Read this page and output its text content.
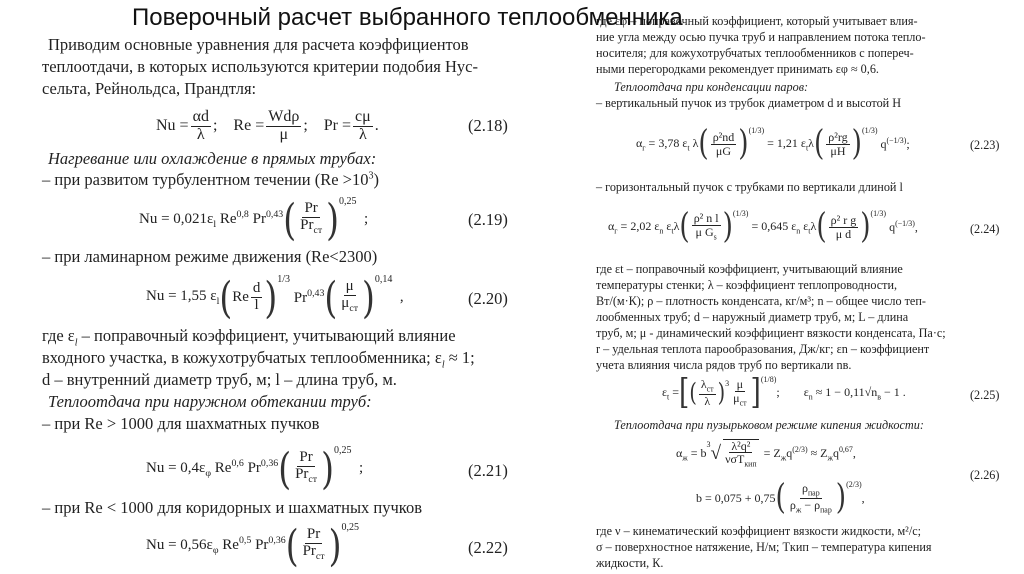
Поверочный расчет выбранного теплообменника
Приводим основные уравнения для расчета коэффициентов
теплоотдачи, в которых используются критерии подобия Нус-
сельта, Рейнольдса, Прандтля:
$Nu = \frac{\alpha d}{\lambda}$ ;    $Re = \frac{\text{Wdρ}}{\mu}$ ;    $Pr = \frac{c\mu}{\lambda}$ .	(2.18)
Нагревание или охлаждение в прямых трубах:
– при развитом турбулентном течении $(Re >10^3)$
$Nu = 0,021\varepsilon_l$ Re$^{0,8}$ Pr$^{0,43}$ ( $\frac{Pr}{Pr_{ст}}$ ) 0,25
;	(2.19)
– при ламинарном режиме движения (Re<2300)
Nu = 1,55 $\varepsilon_l$ ( Re $\frac{d}{l}$ ) 1/3
Pr$^{0,43}$ ( $\frac{\mu}{\mu_{ст}}$ ) 0,14
,	(2.20)
где $\varepsilon_l$ – поправочный коэффициент, учитывающий влияние
входного участка, в кожухотрубчатых теплообменника; $\varepsilon_l \approx 1$;
d – внутренний диаметр труб, м; l – длина труб, м.
Теплоотдача при наружном обтекании труб:
– при Re > 1000 для шахматных пучков
$Nu = 0,4\varepsilon_\varphi$ Re$^{0,6}$ Pr$^{0,36}$ ( $\frac{Pr}{Pr_{ст}}$ ) 0,25
;	(2.21)
– при Re < 1000 для коридорных и шахматных пучков
$Nu = 0,56\varepsilon_\varphi$ Re$^{0,5}$ Pr$^{0,36}$ ( $\frac{Pr}{Pr_{ст}}$ ) 0,25
(2.22)
где εφ – поправочный коэффициент, который учитывает влия-
ние угла между осью пучка труб и направлением потока тепло-
носителя; для кожухотрубчатых теплообменников с попереч-
ными перегородками рекомендует принимать εφ ≈ 0,6.
Теплоотдача при конденсации паров:
– вертикальный пучок из трубок диаметром d и высотой H
$\alpha_г = 3,78$ $\varepsilon_t$ λ ( $\frac{\text{ρ²nd}}{\mu G}$ ) (1/3)
= 1,21 $\varepsilon_t\lambda$ ( $\frac{\text{ρ²rg}}{\mu H}$ ) (1/3)
$q^{(-1/3)}$;	(2.23)
– горизонтальный пучок с трубками по вертикали длиной l
$\alpha_г = 2,02$ $\varepsilon_n$ $\varepsilon_t\lambda$ ( $\frac{\text{ρ² n l}}{\mu G_s}$ ) (1/3)
= 0,645 $\varepsilon_n$ $\varepsilon_t\lambda$ ( $\frac{\text{ρ² r g}}{\text{μ d}}$ ) (1/3)
$q^{(-1/3)}$,	(2.24)
где εt – поправочный коэффициент, учитывающий влияние
температуры стенки; λ – коэффициент теплопроводности,
Вт/(м·К); ρ – плотность конденсата, кг/м³; n – общее число теп-
лообменных труб; d – наружный диаметр труб, м; L – длина
труб, м; μ - динамический коэффициент вязкости конденсата, Па·с;
r – удельная теплота парообразования, Дж/кг; εn – коэффициент
учета влияния числа рядов труб по вертикали nв.
$\varepsilon_t$ = [ ( $\frac{\lambda_{ст}}{\lambda}$ ) $3 \frac{\mu}{\mu_{ст}}$ ] (1/8)
;        $\varepsilon_n \approx 1 - 0,11√n_в - 1$ .	(2.25)
Теплоотдача при пузырьковом режиме кипения жидкости:
$\alpha_ж = b$
3 √ $\frac{\text{λ²q²}}{\nu\sigma T_{кип}} = Z_жq^{(2/3)} \approx Z_жq^{0,67}$,
(2.26)
b = 0,075 + 0,75 ( $\frac{\rho_{пар}}{\rho_ж - \rho_{пар}}$ ) (2/3)
,
где ν – кинематический коэффициент вязкости жидкости, м²/с;
σ – поверхностное натяжение, Н/м; Tкип – температура кипения
жидкости, К.
